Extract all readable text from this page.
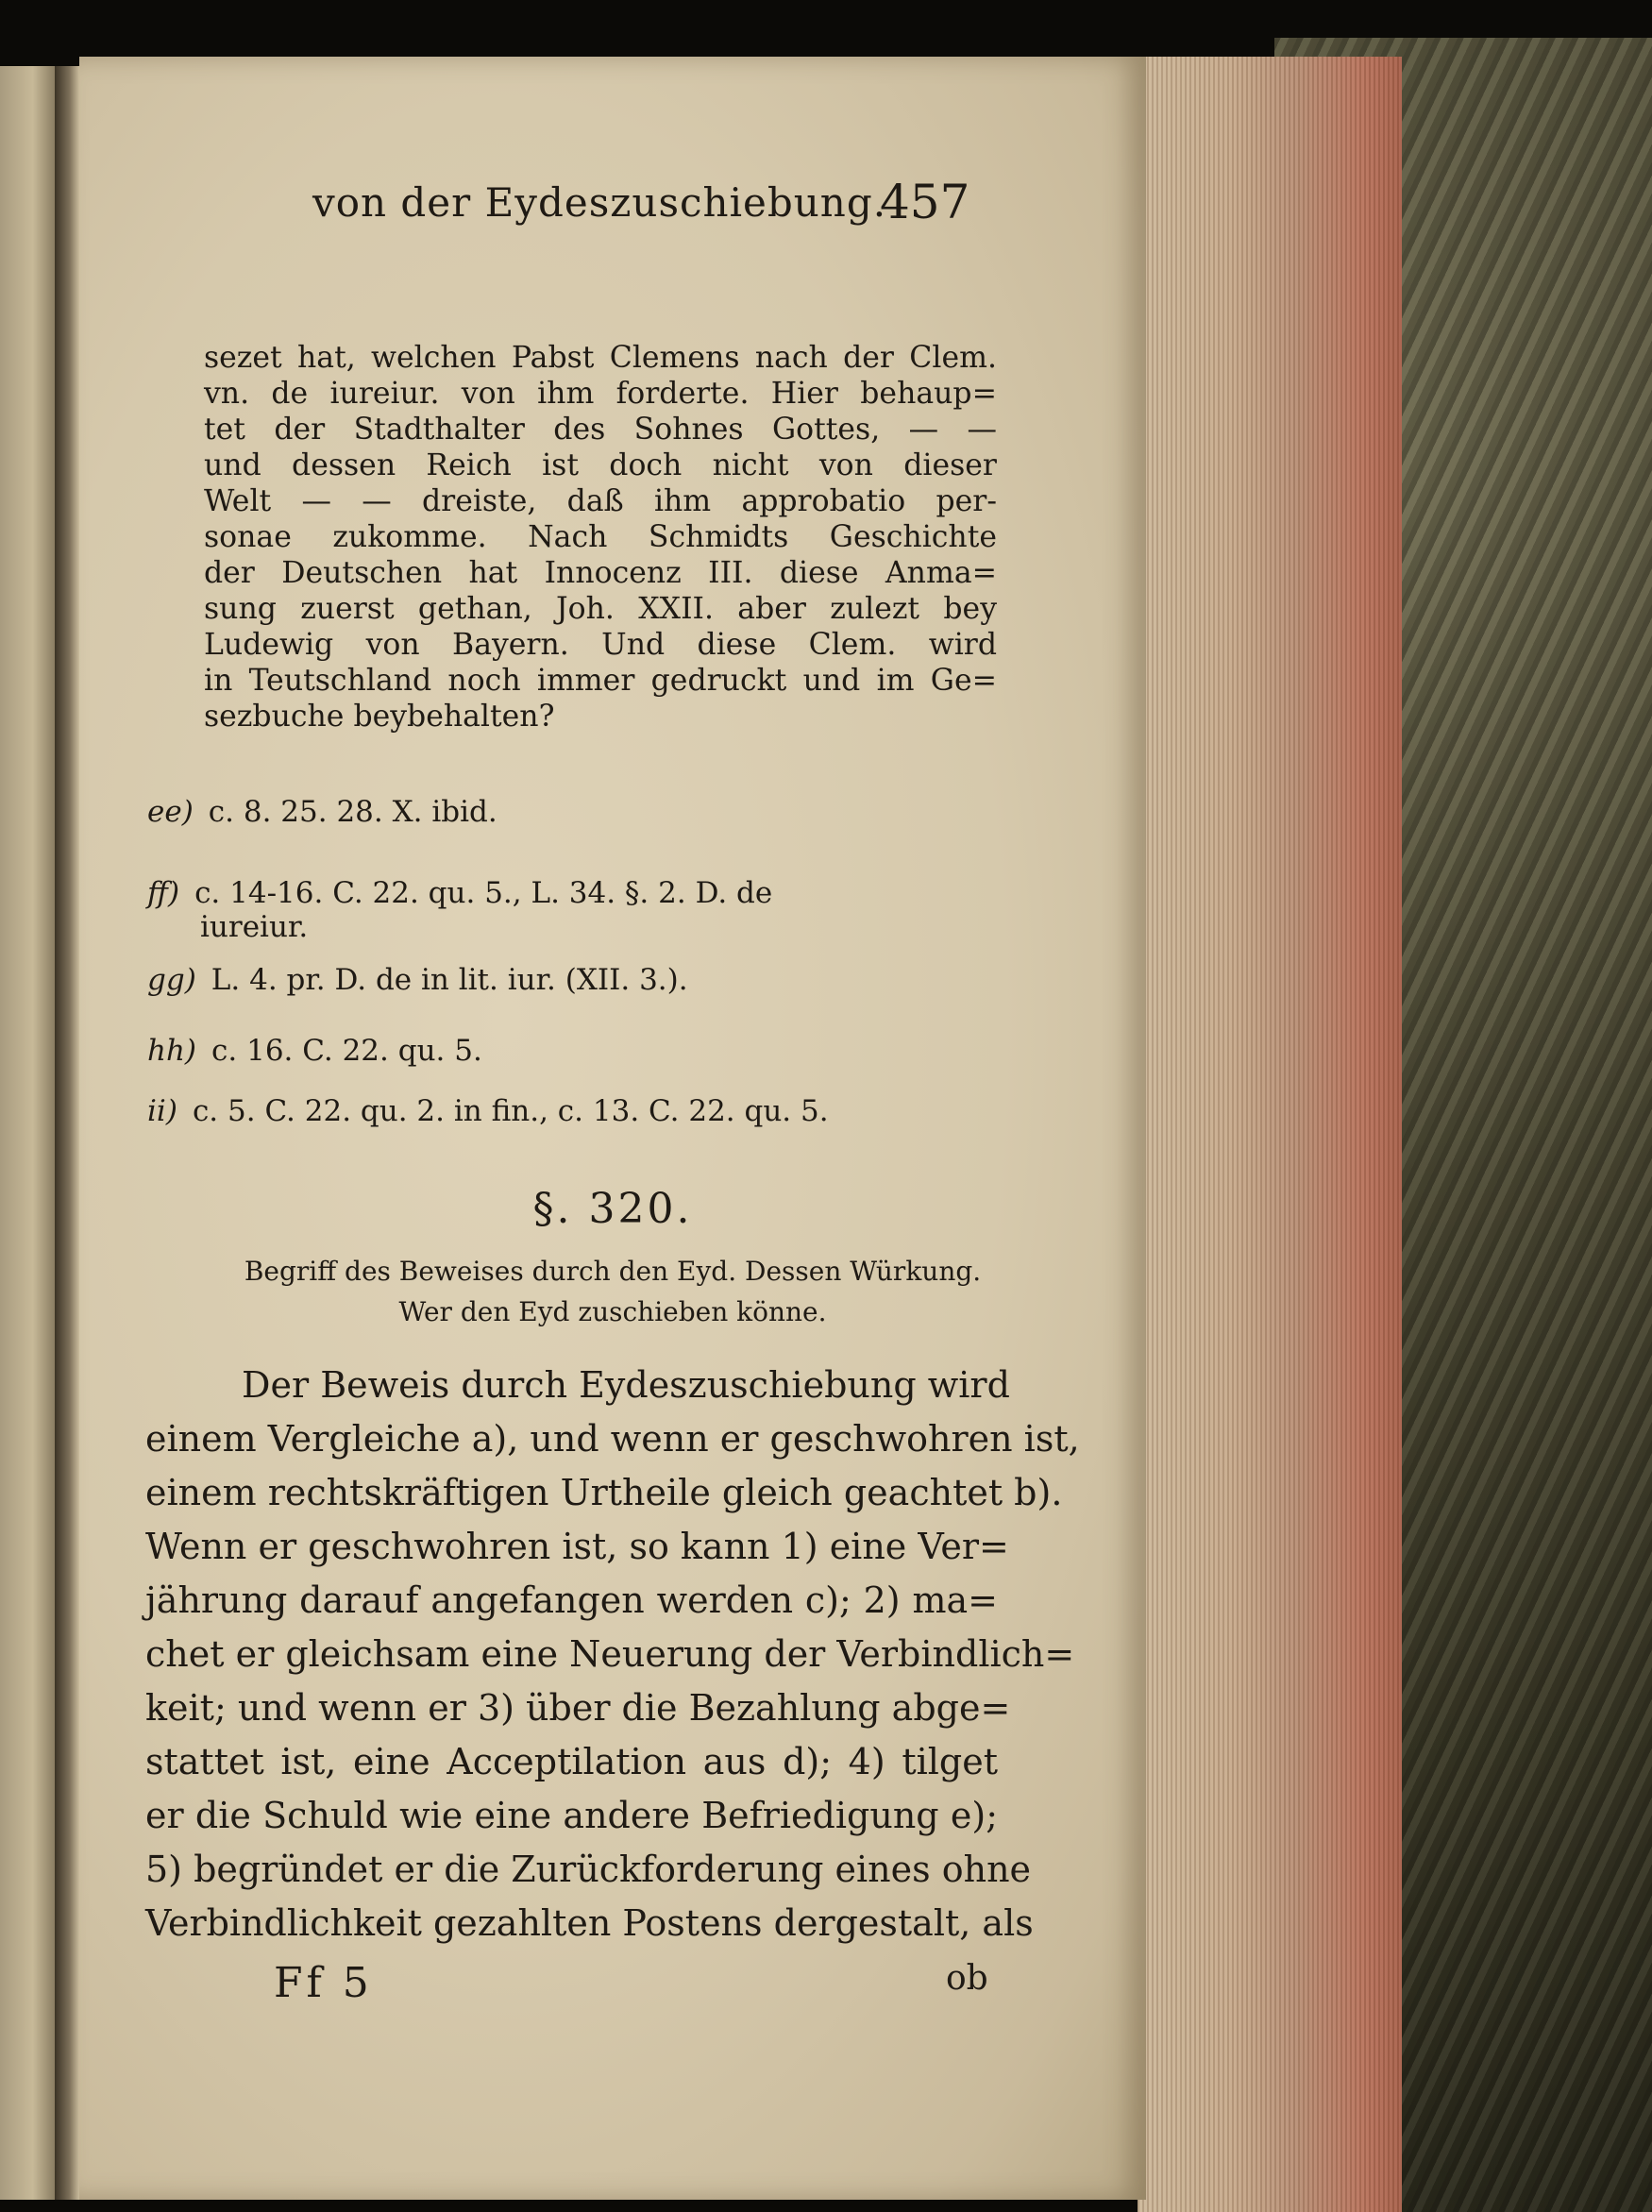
von der Eydeszuschiebung.
457
sezet hat, welchen Pabst Clemens nach der Clem.
vn. de iureiur. von ihm forderte. Hier behaup=
tet der Stadthalter des Sohnes Gottes, — —
und dessen Reich ist doch nicht von dieser
Welt — — dreiste, daß ihm approbatio per-
sonae zukomme. Nach Schmidts Geschichte
der Deutschen hat Innocenz III. diese Anma=
sung zuerst gethan, Joh. XXII. aber zulezt bey
Ludewig von Bayern. Und diese Clem. wird
in Teutschland noch immer gedruckt und im Ge=
sezbuche beybehalten?
ee) c. 8. 25. 28. X. ibid.
ff) c. 14-16. C. 22. qu. 5., L. 34. §. 2. D. de
iureiur.
gg) L. 4. pr. D. de in lit. iur. (XII. 3.).
hh) c. 16. C. 22. qu. 5.
ii) c. 5. C. 22. qu. 2. in fin., c. 13. C. 22. qu. 5.
§. 320.
Begriff des Beweises durch den Eyd. Dessen Würkung.
Wer den Eyd zuschieben könne.
Der Beweis durch Eydeszuschiebung wird
einem Vergleiche a), und wenn er geschwohren ist,
einem rechtskräftigen Urtheile gleich geachtet b).
Wenn er geschwohren ist, so kann 1) eine Ver=
jährung darauf angefangen werden c); 2) ma=
chet er gleichsam eine Neuerung der Verbindlich=
keit; und wenn er 3) über die Bezahlung abge=
stattet ist, eine Acceptilation aus d); 4) tilget
er die Schuld wie eine andere Befriedigung e);
5) begründet er die Zurückforderung eines ohne
Verbindlichkeit gezahlten Postens dergestalt, als
Ff 5	ob
